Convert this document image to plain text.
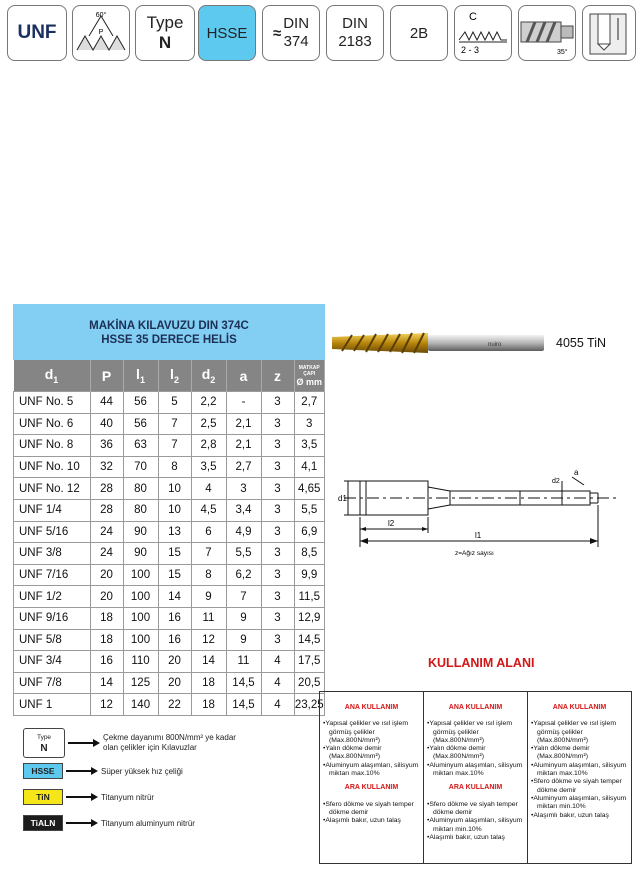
UNF
60°
P
Type
N HSSE ≈
DIN
374
DIN
2183	2B
C
2 - 3	35°
MAKİNA KILAVUZU DIN 374C
HSSE 35 DERECE HELİS
$d_1$	P	$l_1$	$l_2$	$d_2$	a	z	MATKAP ÇAPI
Ø mm

UNF No. 5	44	56	5	2,2	-	3	2,7
UNF No. 6	40	56	7	2,5	2,1	3	3
UNF No. 8	36	63	7	2,8	2,1	3	3,5
UNF No. 10	32	70	8	3,5	2,7	3	4,1
UNF No. 12	28	80	10	4	3	3	4,65
UNF 1/4	28	80	10	4,5	3,4	3	5,5
UNF 5/16	24	90	13	6	4,9	3	6,9
UNF 3/8	24	90	15	7	5,5	3	8,5
UNF 7/16	20	100	15	8	6,2	3	9,9
UNF 1/2	20	100	14	9	7	3	11,5
UNF 9/16	18	100	16	11	9	3	12,9
UNF 5/8	18	100	16	12	9	3	14,5
UNF 3/4	16	110	20	14	11	4	17,5
UNF 7/8	14	125	20	18	14,5	4	20,5
UNF 1	12	140	22	18	14,5	4	23,25
nuiro	4055 TiN
d1
d2
a
l2
l1
z=Ağız sayısı
KULLANIM ALANI
ANA KULLANIM
• Yapısal çelikler ve ısıl işlem görmüş çelikler (Max.800N/mm²)
• Yalın dökme demir (Max.800N/mm²)
• Aluminyum alaşımları, silisyum miktarı max.10%
ARA KULLANIM
• Sfero dökme ve siyah temper dökme demir
• Alaşımlı bakır, uzun talaş
ANA KULLANIM
• Yapısal çelikler ve ısıl işlem görmüş çelikler (Max.800N/mm²)
• Yalın dökme demir (Max.800N/mm²)
• Aluminyum alaşımları, silisyum miktarı max.10%
ARA KULLANIM
• Sfero dökme ve siyah temper dökme demir
• Aluminyum alaşımları, silisyum miktarı min.10%
• Alaşımlı bakır, uzun talaş
ANA KULLANIM
• Yapısal çelikler ve ısıl işlem görmüş çelikler (Max.800N/mm²)
• Yalın dökme demir (Max.800N/mm²)
• Aluminyum alaşımları, silisyum miktarı max.10%
• Sfero dökme ve siyah temper dökme demir
• Aluminyum alaşımları, silisyum miktarı min.10%
• Alaşımlı bakır, uzun talaş
Type
N
Çekme dayanımı 800N/mm² ye kadar olan çelikler için Kılavuzlar
HSSE	Süper yüksek hız çeliği
TiN	Titanyum nitrür
TiALN	Titanyum aluminyum nitrür
